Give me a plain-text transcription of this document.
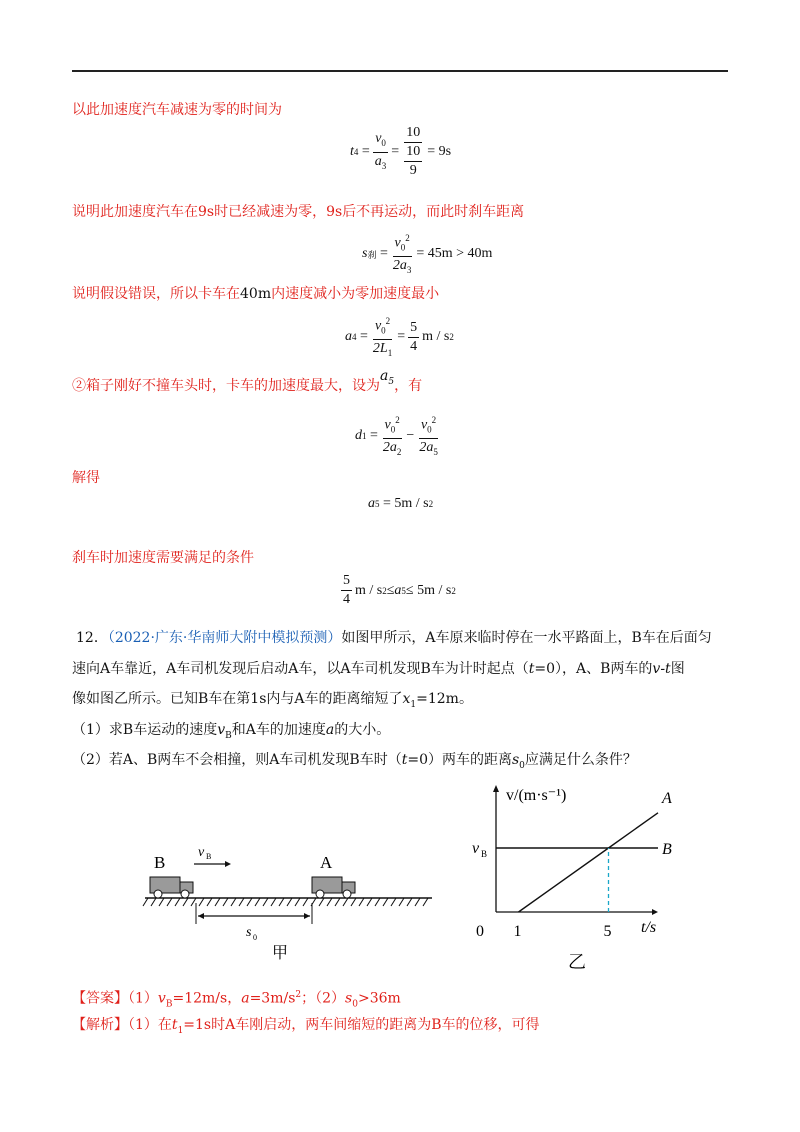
以此加速度汽车减速为零的时间为
t $4 = \frac{v_0}{a_3} = \frac{10}{\frac{10}{9}} = 9s$
说明此加速度汽车在9s时已经减速为零，9s后不再运动，而此时刹车距离
s 刹 = $\frac{v_0^2}{2a_3} = 45m > 40m$
说明假设错误，所以卡车在40m内速度减小为零加速度最小
a $4 = \frac{v_0^2}{2L_1} = \frac{5}{4}$ m / s 2
②箱子刚好不撞车头时，卡车的加速度最大，设为$a_5$，有
d $1 = \frac{v_0^2}{2a_2} - \frac{v_0^2}{2a_5}$
解得
a 5
= 5m / s 2
刹车时加速度需要满足的条件
$\frac{5}{4}$ m / s 2 ≤ a 5 ≤ 5m / s 2
12．（2022·广东·华南师大附中模拟预测）如图甲所示，A车原来临时停在一水平路面上，B车在后面匀
速向A车靠近，A车司机发现后启动A车，以A车司机发现B车为计时起点（t=0），A、B两车的v-t图
像如图乙所示。已知B车在第1s内与A车的距离缩短了$x_1=12m$。
（1）求B车运动的速度$v_B$和A车的加速度a的大小。
（2）若A、B两车不会相撞，则A车司机发现B车时（t=0）两车的距离$s_0$应满足什么条件？
B	A
v B
s 0
甲
v/(m·s⁻¹)
t/s
A
B
0 1	5
v B
乙
【答案】$(1)v_B=12m/s$，$a=3m/s^2$；$(2)s_0>36m$
【解析】（1）在$t_1=1s$时A车刚启动，两车间缩短的距离为B车的位移，可得
